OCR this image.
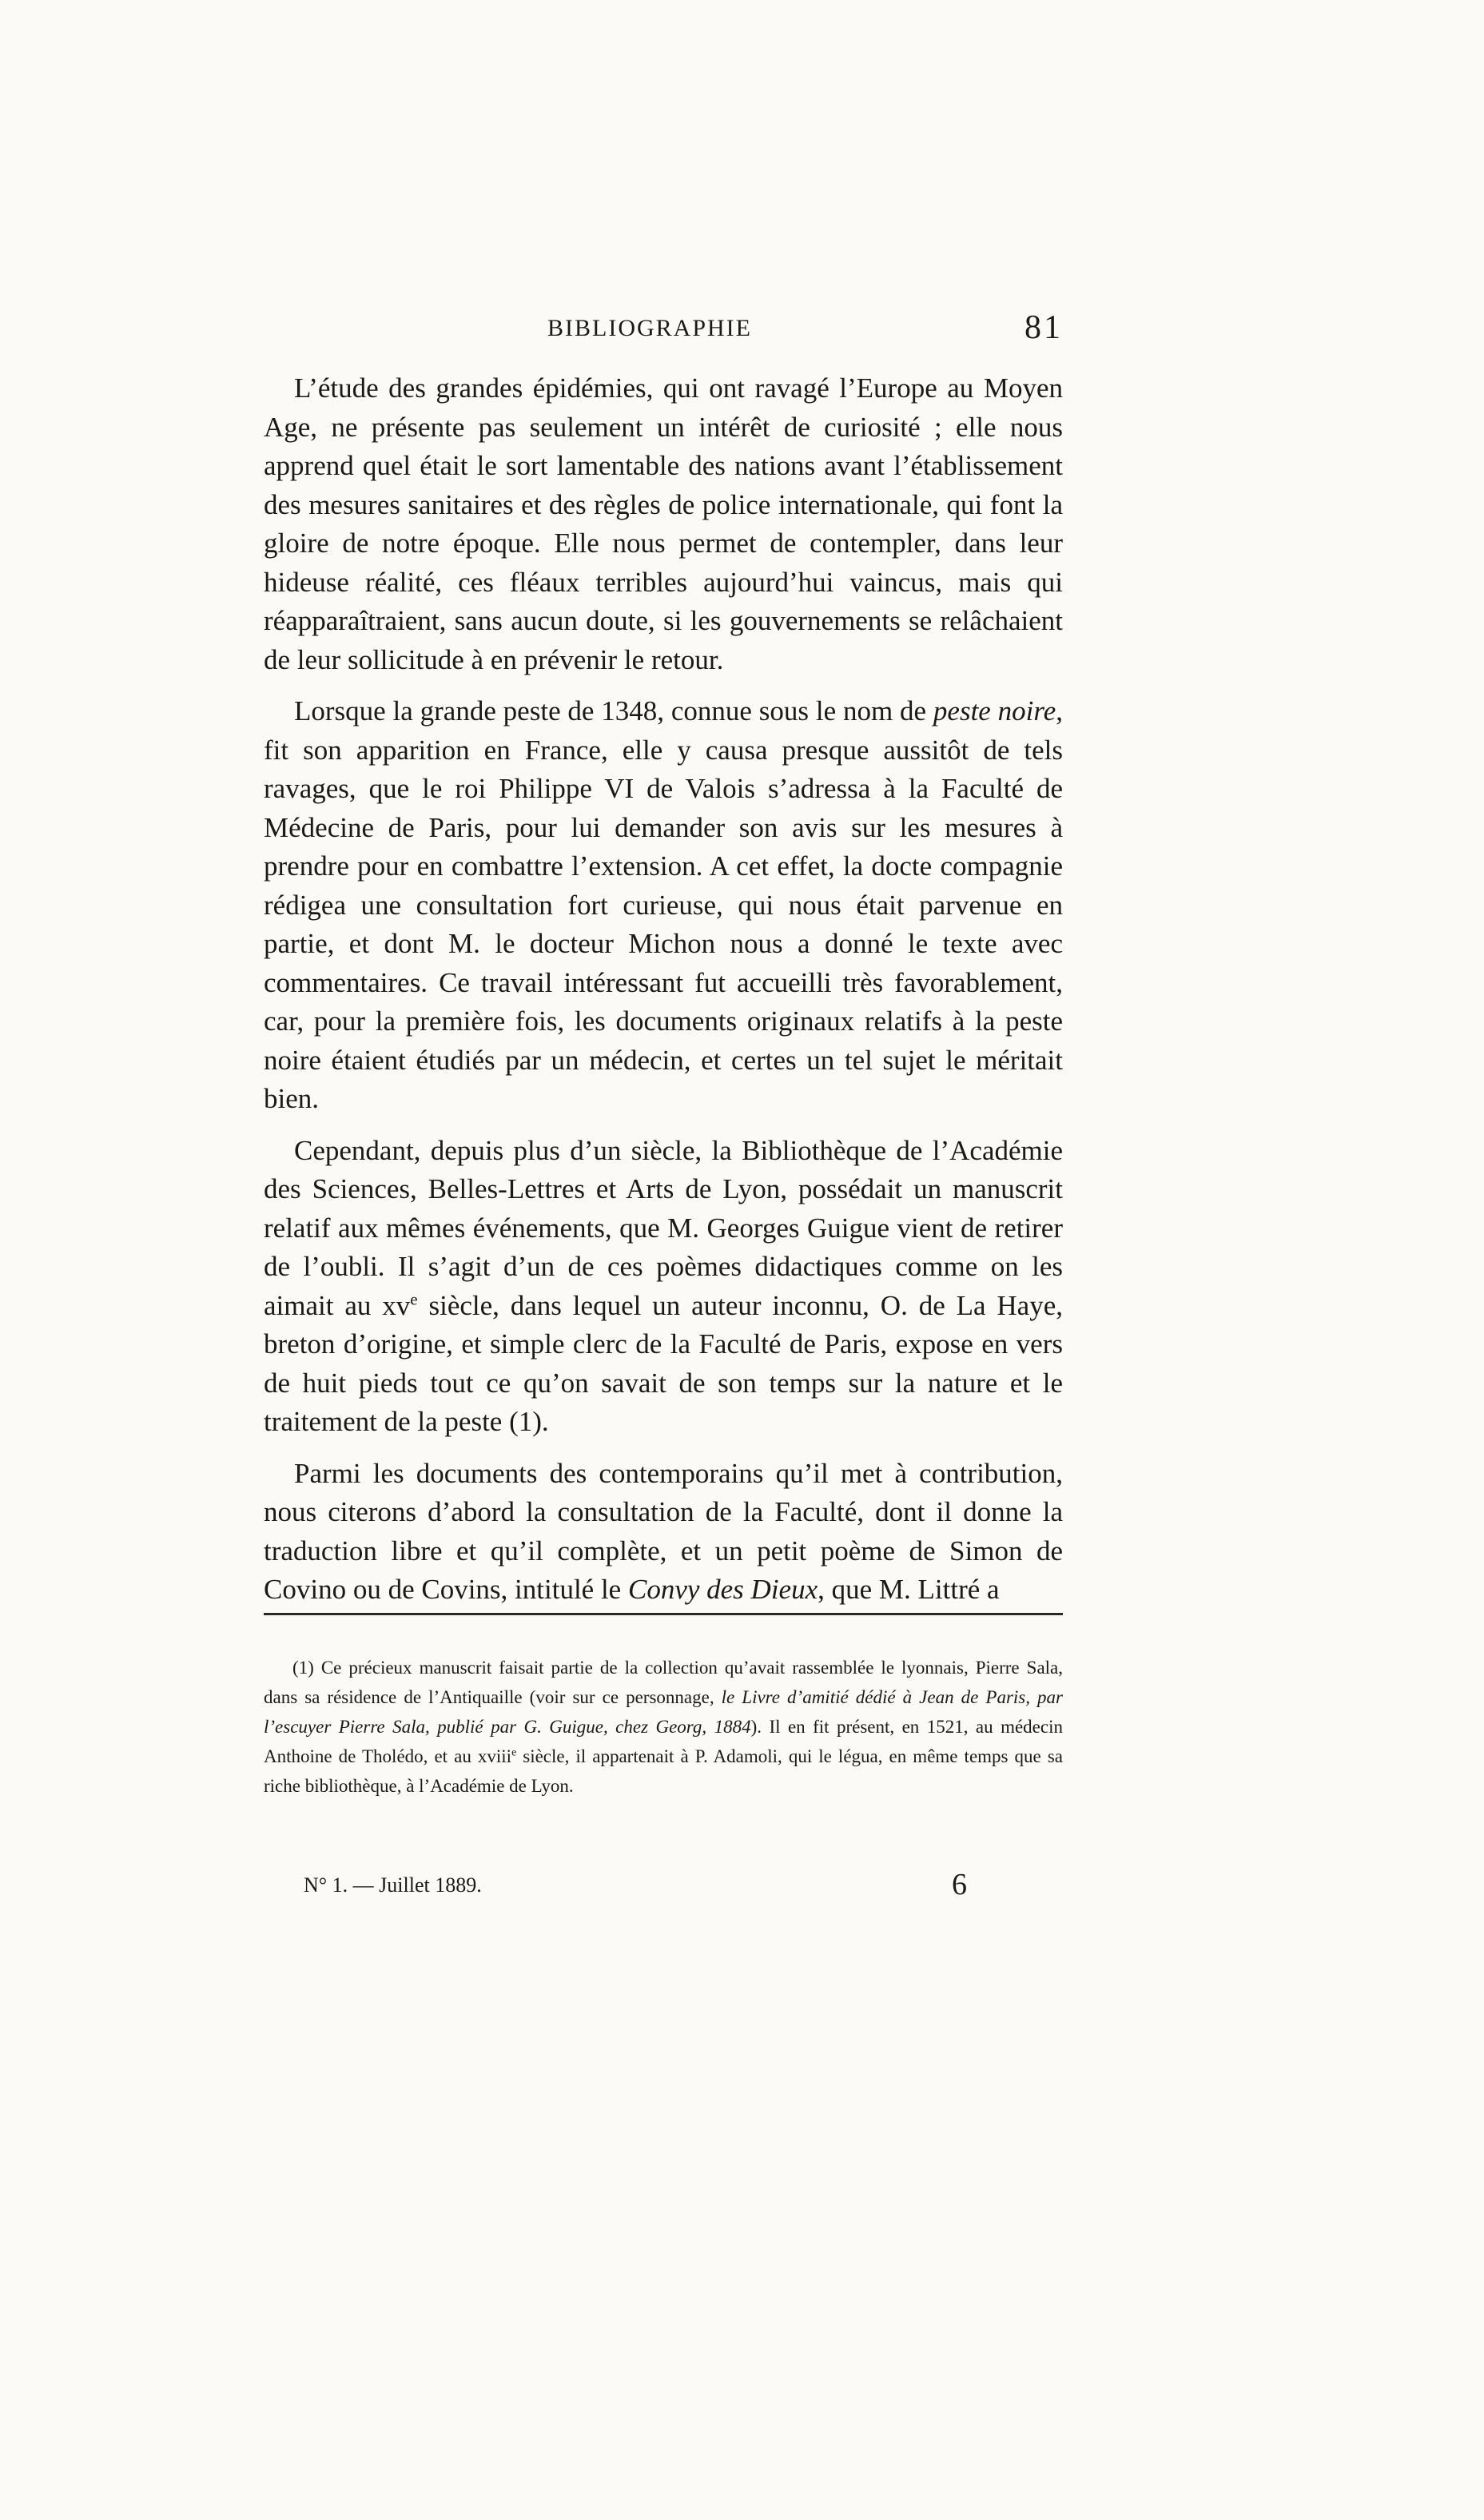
BIBLIOGRAPHIE	81

L’étude des grandes épidémies, qui ont ravagé l’Europe au Moyen Age, ne présente pas seulement un intérêt de curiosité ; elle nous apprend quel était le sort lamentable des nations avant l’établissement des mesures sanitaires et des règles de police internationale, qui font la gloire de notre époque. Elle nous permet de contempler, dans leur hideuse réalité, ces fléaux terribles aujourd’hui vaincus, mais qui réapparaîtraient, sans aucun doute, si les gouvernements se relâchaient de leur sollicitude à en prévenir le retour.

Lorsque la grande peste de 1348, connue sous le nom de peste noire, fit son apparition en France, elle y causa presque aussitôt de tels ravages, que le roi Philippe VI de Valois s’adressa à la Faculté de Médecine de Paris, pour lui demander son avis sur les mesures à prendre pour en combattre l’extension. A cet effet, la docte compagnie rédigea une consultation fort curieuse, qui nous était parvenue en partie, et dont M. le docteur Michon nous a donné le texte avec commentaires. Ce travail intéressant fut accueilli très favorablement, car, pour la première fois, les documents originaux relatifs à la peste noire étaient étudiés par un médecin, et certes un tel sujet le méritait bien.

Cependant, depuis plus d’un siècle, la Bibliothèque de l’Académie des Sciences, Belles-Lettres et Arts de Lyon, possédait un manuscrit relatif aux mêmes événements, que M. Georges Guigue vient de retirer de l’oubli. Il s’agit d’un de ces poèmes didactiques comme on les aimait au $xv^e$ siècle, dans lequel un auteur inconnu, O. de La Haye, breton d’origine, et simple clerc de la Faculté de Paris, expose en vers de huit pieds tout ce qu’on savait de son temps sur la nature et le traitement de la peste (1).

Parmi les documents des contemporains qu’il met à contribution, nous citerons d’abord la consultation de la Faculté, dont il donne la traduction libre et qu’il complète, et un petit poème de Simon de Covino ou de Covins, intitulé le Convy des Dieux, que M. Littré a

(1) Ce précieux manuscrit faisait partie de la collection qu’avait rassemblée le lyonnais, Pierre Sala, dans sa résidence de l’Antiquaille (voir sur ce personnage, le Livre d’amitié dédié à Jean de Paris, par l’escuyer Pierre Sala, publié par G. Guigue, chez Georg, 1884). Il en fit présent, en 1521, au médecin Anthoine de Tholédo, et au xviii$^e$ siècle, il appartenait à P. Adamoli, qui le légua, en même temps que sa riche bibliothèque, à l’Académie de Lyon.

N° 1. — Juillet 1889.	6
